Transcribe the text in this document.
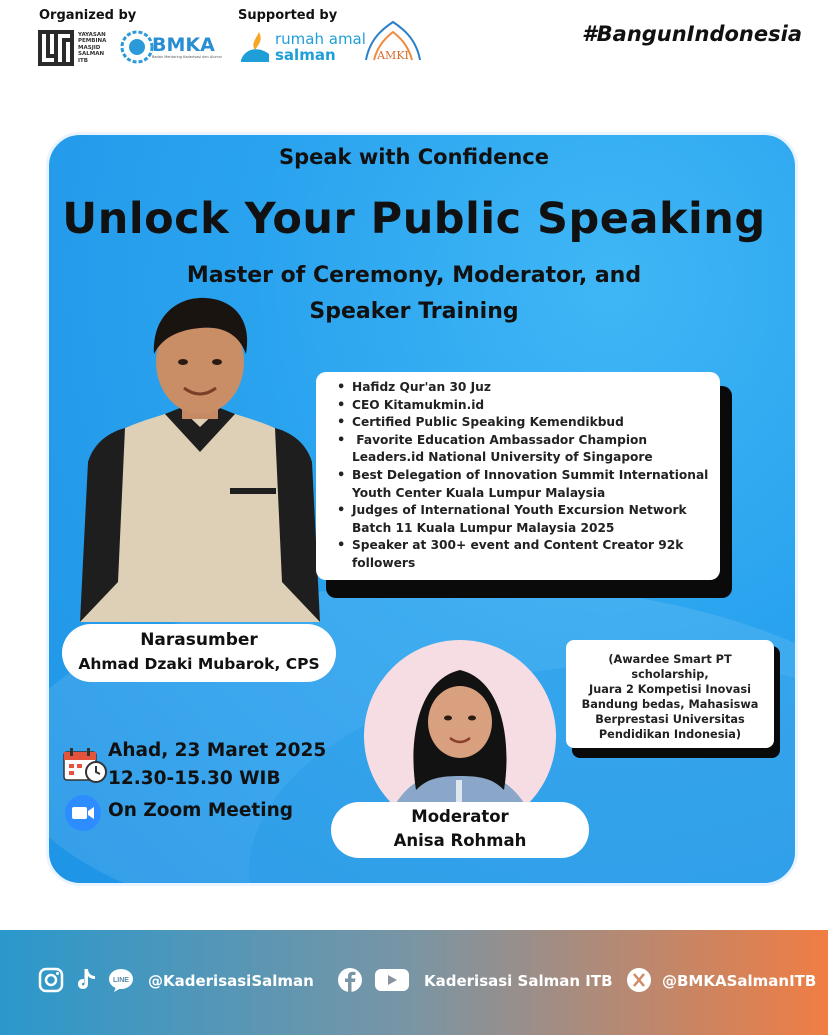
Organized by	Supported by
YAYASAN
PEMBINA
MASJID
SALMAN
ITB
BMKA
Badan Mentoring Kaderisasi dan Alumni
rumah amal
salman	AMKI
#BangunIndonesia
Speak with Confidence
Unlock Your Public Speaking
Master of Ceremony, Moderator, and
Speaker Training
• Hafidz Qur'an 30 Juz
• CEO Kitamukmin.id
• Certified Public Speaking Kemendikbud
•  Favorite Education Ambassador Champion Leaders.id National University of Singapore
• Best Delegation of Innovation Summit International Youth Center Kuala Lumpur Malaysia
• Judges of International Youth Excursion Network Batch 11 Kuala Lumpur Malaysia 2025
• Speaker at 300+ event and Content Creator 92k followers
Narasumber
Ahmad Dzaki Mubarok, CPS
Ahad, 23 Maret 2025
12.30-15.30 WIB
On Zoom Meeting	Moderator
Anisa Rohmah
(Awardee Smart PT scholarship,
Juara 2 Kompetisi Inovasi
Bandung bedas, Mahasiswa
Berprestasi Universitas
Pendidikan Indonesia)
LINE @KaderisasiSalman	Kaderisasi Salman ITB	@BMKASalmanITB
